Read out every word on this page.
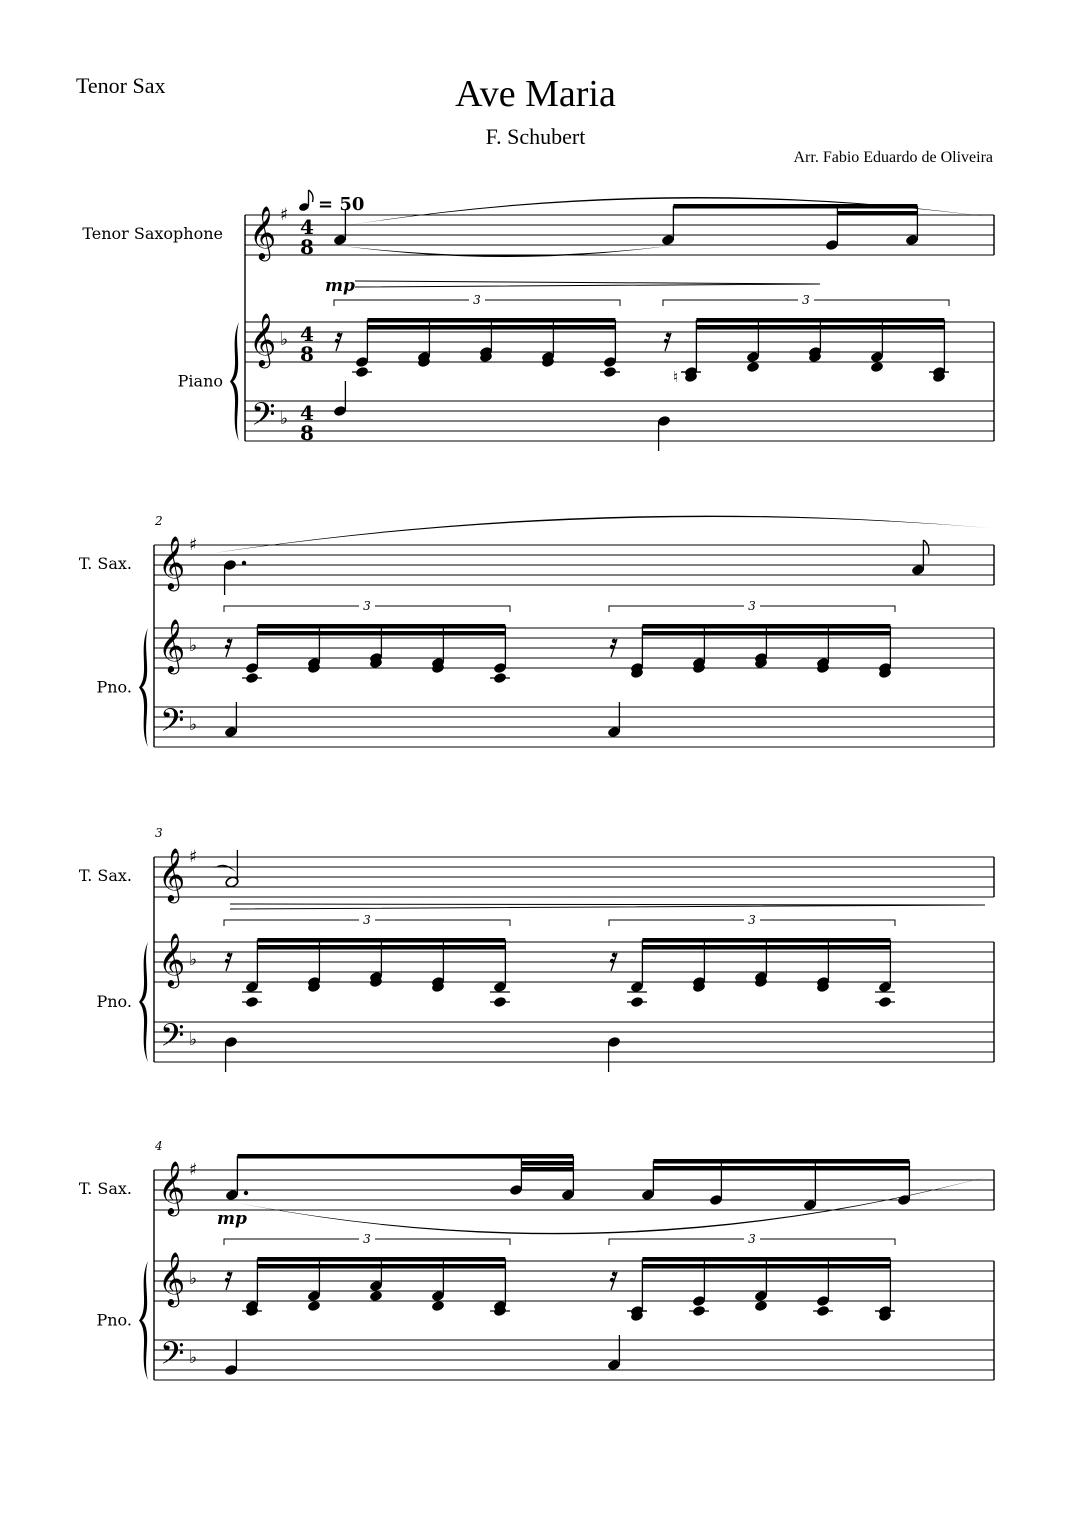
Tenor Sax	Ave Maria
F. Schubert
Arr. Fabio Eduardo de Oliveira
Tenor Saxophone
Piano
𝄞
𝄞
𝄢
♯
♭
♭
4
8
4
8
4
8
T. Sax.
Pno.
2
𝄞
𝄞
𝄢
♯
♭
♭
T. Sax.
Pno.
3
𝄞
𝄞
𝄢
♯
♭
♭
T. Sax.
Pno.
4
𝄞
𝄞
𝄢
♯
♭
♭
= 50
mp
3
♮
3
3	3
3	3
mp
3	3
